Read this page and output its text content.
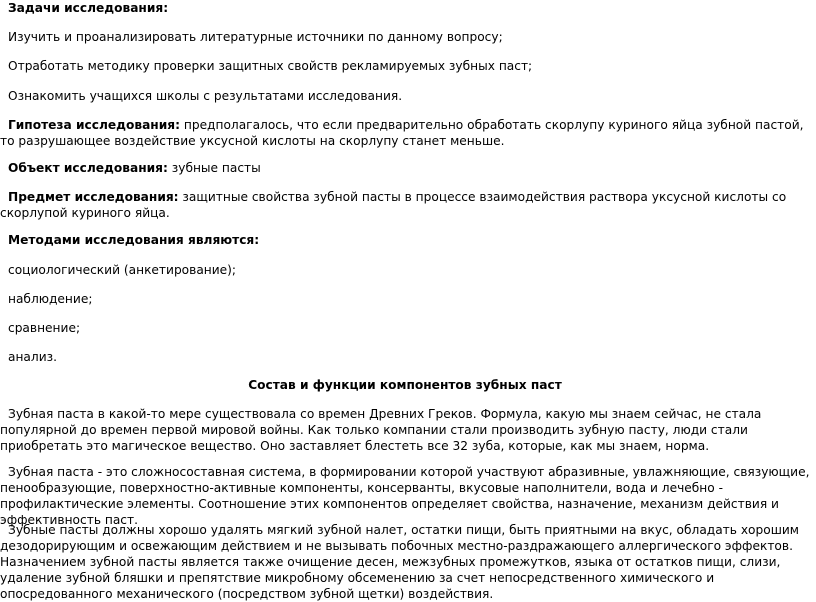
Задачи исследования:

Изучить и проанализировать литературные источники по данному вопросу;

Отработать методику проверки защитных свойств рекламируемых зубных паст;

Ознакомить учащихся школы с результатами исследования.

Гипотеза исследования: предполагалось, что если предварительно обработать скорлупу куриного яйца зубной пастой, то разрушающее воздействие уксусной кислоты на скорлупу станет меньше.

Объект исследования: зубные пасты

Предмет исследования: защитные свойства зубной пасты в процессе взаимодействия раствора уксусной кислоты со скорлупой куриного яйца.

Методами исследования являются:

социологический (анкетирование);

наблюдение;

сравнение;

анализ.

Состав и функции компонентов зубных паст

Зубная паста в какой-то мере существовала со времен Древних Греков. Формула, какую мы знаем сейчас, не стала популярной до времен первой мировой войны. Как только компании стали производить зубную пасту, люди стали приобретать это магическое вещество. Оно заставляет блестеть все 32 зуба, которые, как мы знаем, норма.

Зубная паста - это сложносоставная система, в формировании которой участвуют абразивные, увлажняющие, связующие, пенообразующие, поверхностно-активные компоненты, консерванты, вкусовые наполнители, вода и лечебно - профилактические элементы. Соотношение этих компонентов определяет свойства, назначение, механизм действия и эффективность паст.

Зубные пасты должны хорошо удалять мягкий зубной налет, остатки пищи, быть приятными на вкус, обладать хорошим дезодорирующим и освежающим действием и не вызывать побочных местно-раздражающего аллергического эффектов. Назначением зубной пасты является также очищение десен, межзубных промежутков, языка от остатков пищи, слизи, удаление зубной бляшки и препятствие микробному обсеменению за счет непосредственного химического и опосредованного механического (посредством зубной щетки) воздействия.
